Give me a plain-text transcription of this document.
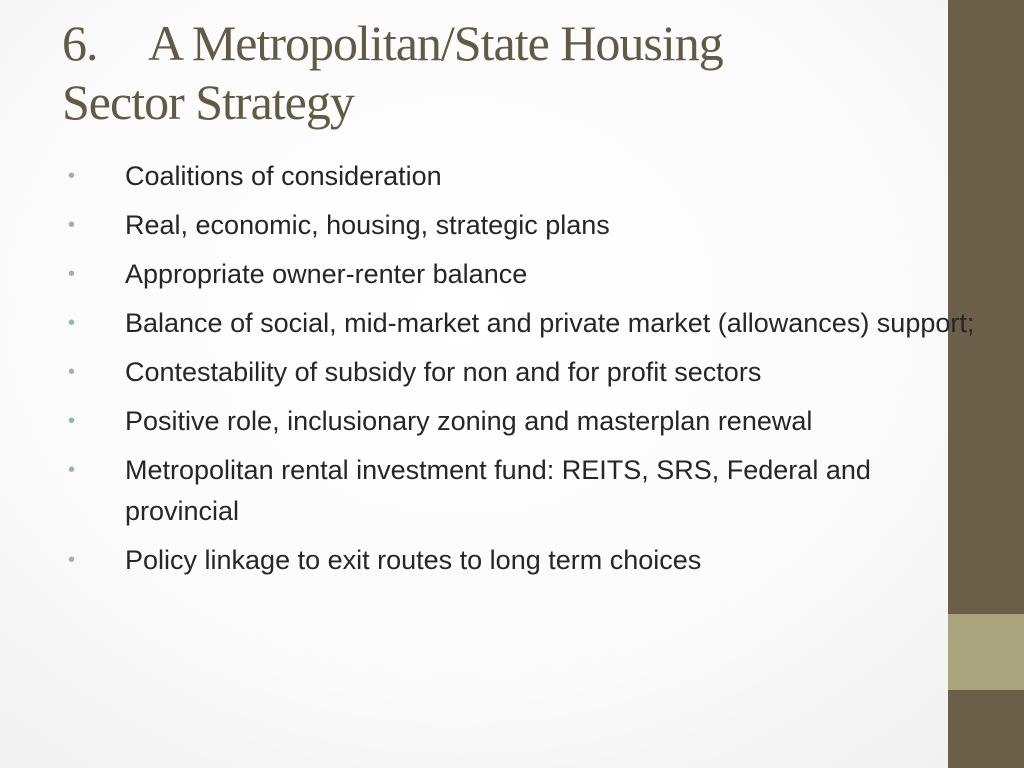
6. A Metropolitan/State Housing
Sector Strategy
• Coalitions of consideration
• Real, economic, housing, strategic plans
• Appropriate owner-renter balance
• Balance of social, mid-market and private market (allowances) support;
• Contestability of subsidy for non and for profit sectors
• Positive role, inclusionary zoning and masterplan renewal
• Metropolitan rental investment fund: REITS, SRS, Federal and provincial
• Policy linkage to exit routes to long term choices
